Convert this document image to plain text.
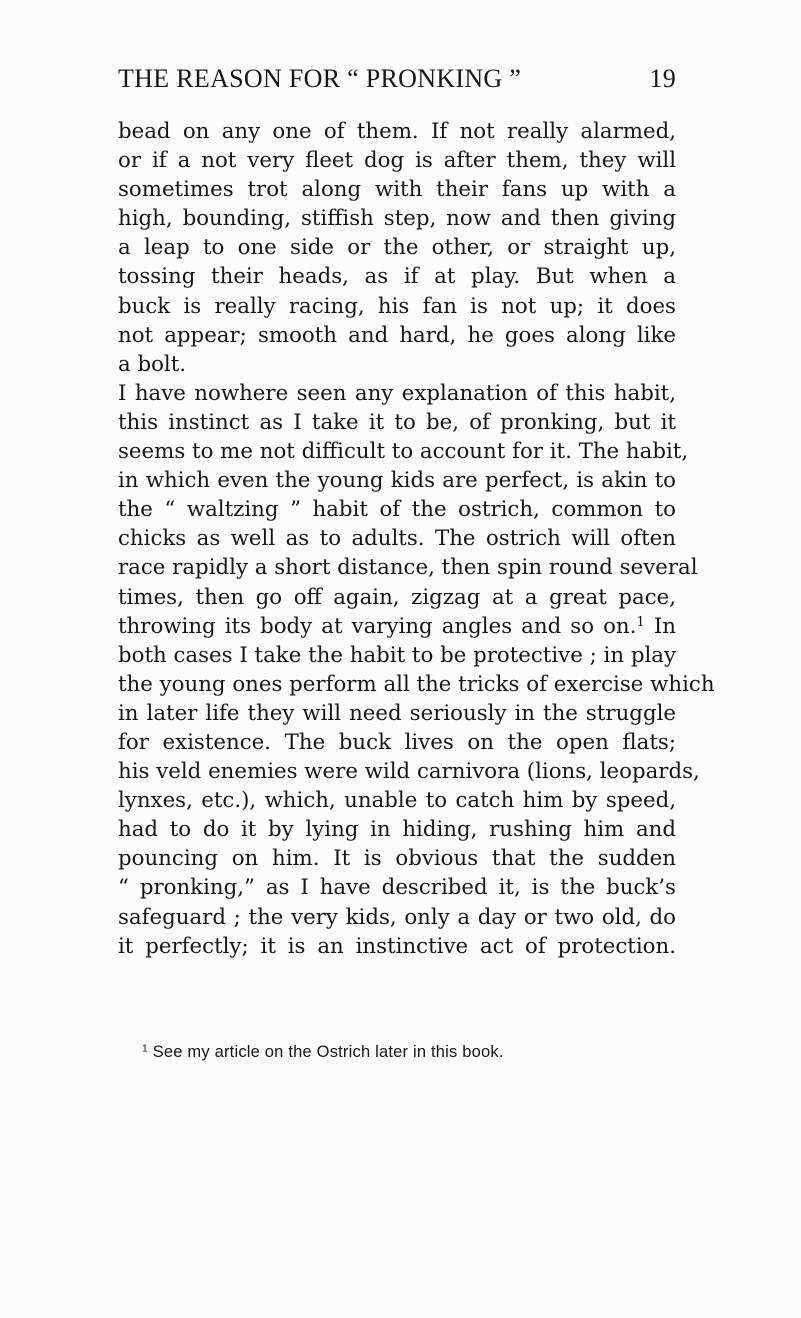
THE REASON FOR “ PRONKING ”	19
bead on any one of them. If not really alarmed,
or if a not very fleet dog is after them, they will
sometimes trot along with their fans up with a
high, bounding, stiffish step, now and then giving
a leap to one side or the other, or straight up,
tossing their heads, as if at play. But when a
buck is really racing, his fan is not up; it does
not appear; smooth and hard, he goes along like
a bolt.
I have nowhere seen any explanation of this habit,
this instinct as I take it to be, of pronking, but it
seems to me not difficult to account for it. The habit,
in which even the young kids are perfect, is akin to
the “ waltzing ” habit of the ostrich, common to
chicks as well as to adults. The ostrich will often
race rapidly a short distance, then spin round several
times, then go off again, zigzag at a great pace,
throwing its body at varying angles and so on.$^1$ In
both cases I take the habit to be protective ; in play
the young ones perform all the tricks of exercise which
in later life they will need seriously in the struggle
for existence. The buck lives on the open flats;
his veld enemies were wild carnivora (lions, leopards,
lynxes, etc.), which, unable to catch him by speed,
had to do it by lying in hiding, rushing him and
pouncing on him. It is obvious that the sudden
“ pronking,” as I have described it, is the buck’s
safeguard ; the very kids, only a day or two old, do
it perfectly; it is an instinctive act of protection.
$^1$ See my article on the Ostrich later in this book.
